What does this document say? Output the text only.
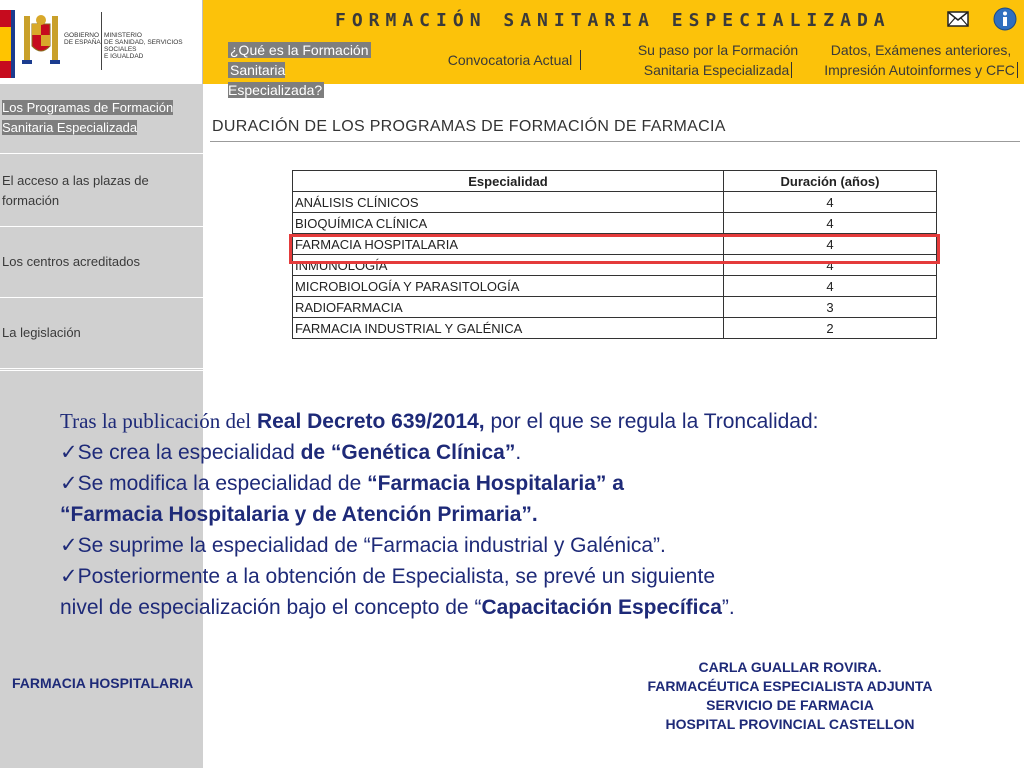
GOBIERNO
DE ESPAÑA
MINISTERIO
DE SANIDAD, SERVICIOS SOCIALES
E IGUALDAD
FORMACIÓN SANITARIA ESPECIALIZADA
¿Qué es la Formación
Sanitaria Especializada?
Convocatoria Actual
Su paso por la Formación
Sanitaria Especializada
Datos, Exámenes anteriores,
Impresión Autoinformes y CFC
Los Programas de Formación
Sanitaria Especializada
El acceso a las plazas de
formación
Los centros acreditados
La legislación
DURACIÓN DE LOS PROGRAMAS DE FORMACIÓN DE FARMACIA
Especialidad	Duración (años)
ANÁLISIS CLÍNICOS	4
BIOQUÍMICA CLÍNICA	4
FARMACIA HOSPITALARIA	4
INMUNOLOGÍA	4
MICROBIOLOGÍA Y PARASITOLOGÍA	4
RADIOFARMACIA	3
FARMACIA INDUSTRIAL Y GALÉNICA	2
Tras la publicación del Real Decreto 639/2014, por el que se regula la Troncalidad:
✓Se crea la especialidad de “Genética Clínica”.
✓Se modifica la especialidad de “Farmacia Hospitalaria” a
“Farmacia Hospitalaria y de Atención Primaria”.
✓Se suprime la especialidad de “Farmacia industrial y Galénica”.
✓Posteriormente a la obtención de Especialista, se prevé un siguiente
nivel de especialización bajo el concepto de “Capacitación Específica”.
FARMACIA HOSPITALARIA
CARLA GUALLAR ROVIRA.
FARMACÉUTICA ESPECIALISTA ADJUNTA
SERVICIO DE FARMACIA
HOSPITAL PROVINCIAL CASTELLON
